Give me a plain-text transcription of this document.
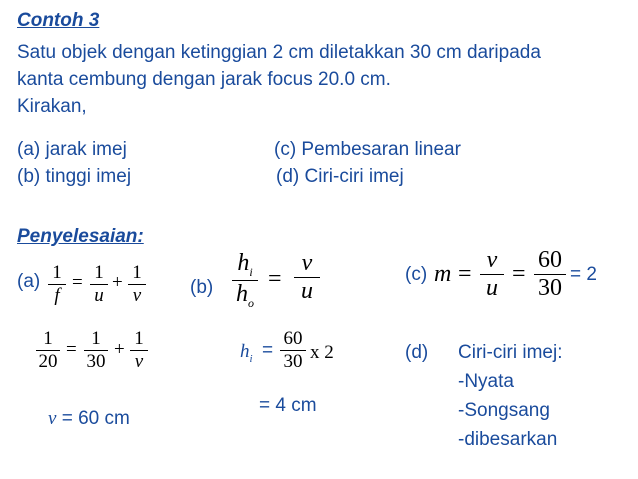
Contoh 3
Satu objek dengan ketinggian 2 cm diletakkan 30 cm daripada
kanta cembung dengan jarak focus 20.0 cm.
Kirakan,
(a) jarak imej
(b) tinggi imej
(c) Pembesaran linear
(d) Ciri-ciri imej
Penyelesaian:
(a) 1
f
= 1
u
+ 1
v
1
20
=
1
30
+
1
v
v = 60 cm
(b)
$h_i$
$h_o$
=
v
u
$h_i$ =
60
30 x 2
= 4 cm
(c) m =
v
u
=
60
30
= 2
(d) Ciri-ciri imej:
-Nyata
-Songsang
-dibesarkan
